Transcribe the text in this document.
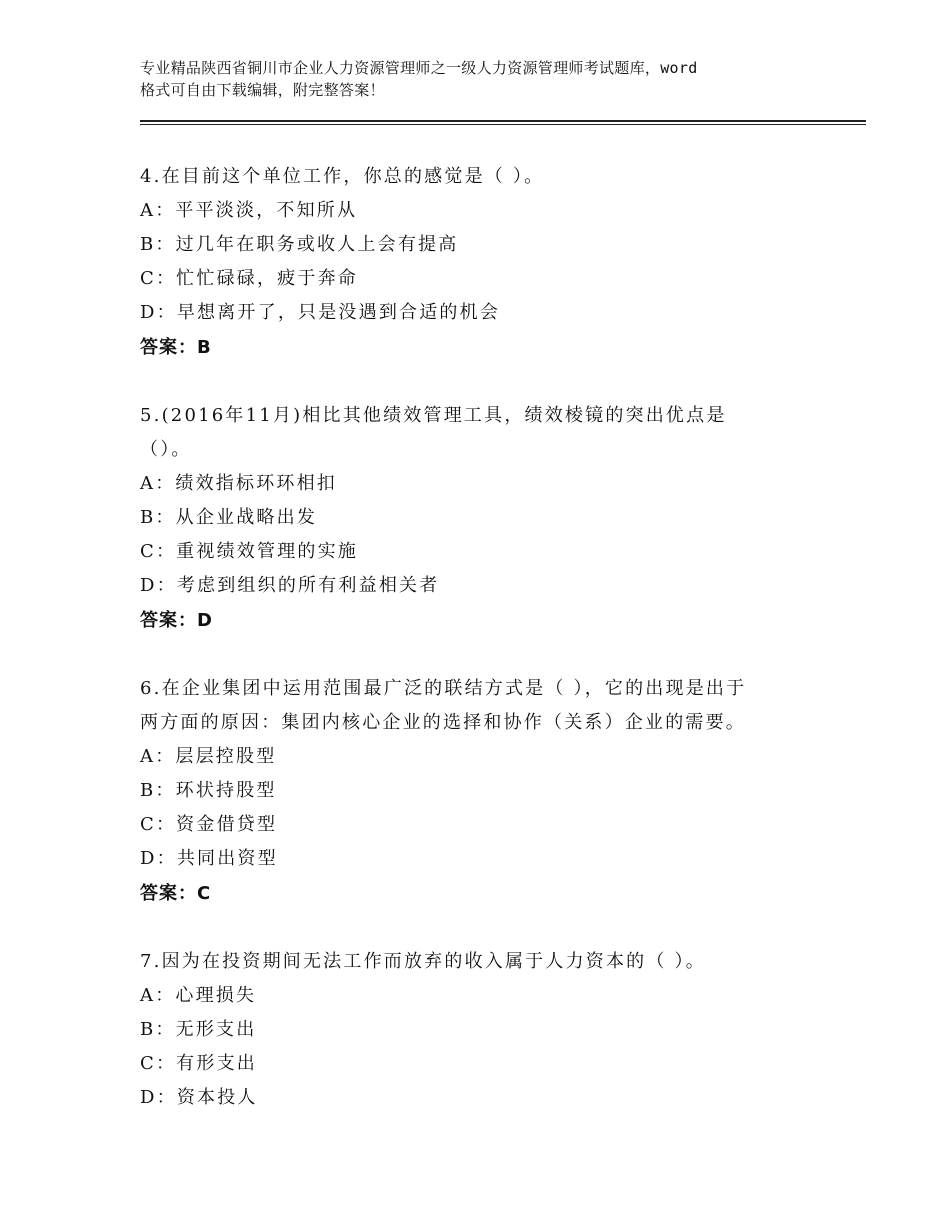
专业精品陕西省铜川市企业人力资源管理师之一级人力资源管理师考试题库，word
格式可自由下载编辑，附完整答案！
4.在目前这个单位工作，你总的感觉是（ ）。
A：平平淡淡，不知所从
B：过几年在职务或收人上会有提高
C：忙忙碌碌，疲于奔命
D：早想离开了，只是没遇到合适的机会
答案：B
5.(2016年11月)相比其他绩效管理工具，绩效棱镜的突出优点是
（）。
A：绩效指标环环相扣
B：从企业战略出发
C：重视绩效管理的实施
D：考虑到组织的所有利益相关者
答案：D
6.在企业集团中运用范围最广泛的联结方式是（ ），它的出现是出于
两方面的原因：集团内核心企业的选择和协作（关系）企业的需要。
A：层层控股型
B：环状持股型
C：资金借贷型
D：共同出资型
答案：C
7.因为在投资期间无法工作而放弃的收入属于人力资本的（ ）。
A：心理损失
B：无形支出
C：有形支出
D：资本投人
